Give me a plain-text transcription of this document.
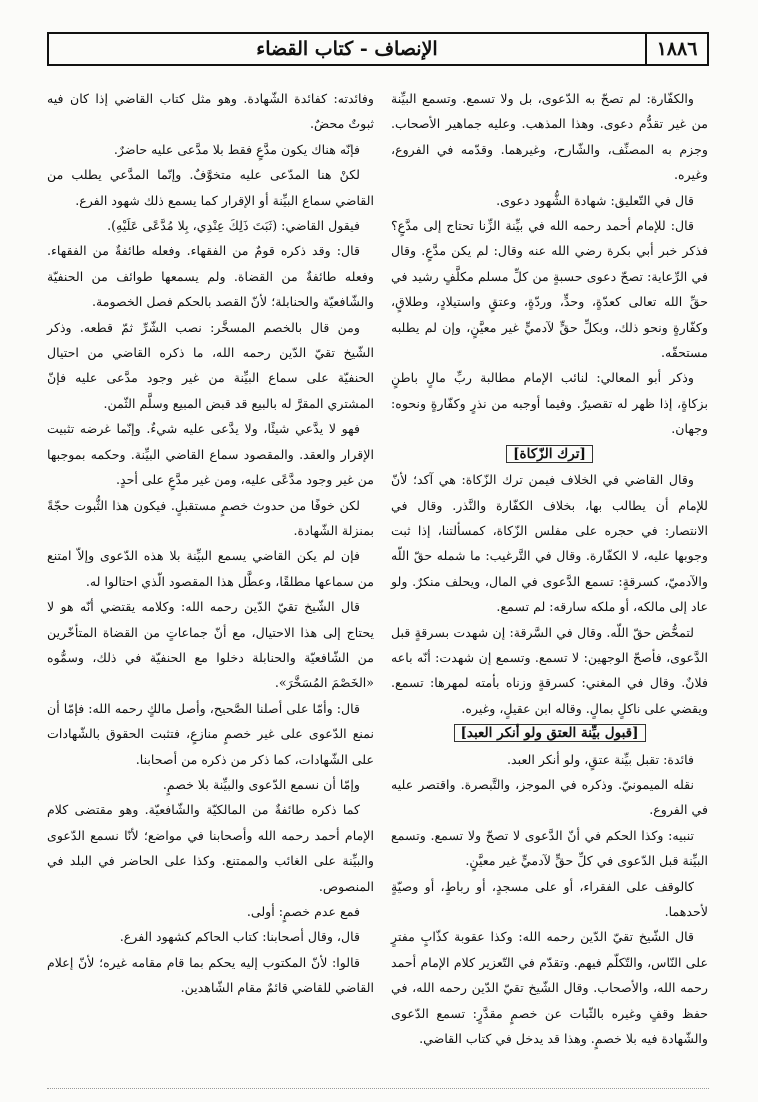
١٨٨٦
الإنصاف - كتاب القضاء

والكفّارة: لم تصحّ به الدّعوى، بل ولا تسمع. وتسمع البيِّنة من غير تقدُّم دعوى. وهذا المذهب. وعليه جماهير الأصحاب. وجزم به المصنِّف، والشّارح، وغيرهما. وقدّمه في الفروع، وغيره.

قال في التّعليق: شهادة الشُّهود دعوى.

قال: للإمام أحمد رحمه الله في بيِّنة الزِّنا تحتاج إلى مدَّعٍ؟ فذكر خبر أبي بكرة رضي الله عنه وقال: لم يكن مدَّعٍ. وقال في الرِّعاية: تصحّ دعوى حسبةٍ من كلِّ مسلم مكلَّفٍ رشيد في حقِّ الله تعالى كعدّةٍ، وحدٍّ، وردّةٍ، وعتقٍ واستيلادٍ، وطلاقٍ، وكفّارةٍ ونحو ذلك، وبكلِّ حقٍّ لآدميٍّ غير معيَّنٍ، وإن لم يطلبه مستحقّه.

وذكر أبو المعالي: لنائب الإمام مطالبة ربِّ مالٍ باطنٍ بزكاةٍ، إذا ظهر له تقصيرٌ. وفيما أوجبه من نذرٍ وكفّارةٍ ونحوه: وجهان.

[ترك الزّكاة]

وقال القاضي في الخلاف فيمن ترك الزّكاة: هي آكد؛ لأنّ للإمام أن يطالب بها، بخلاف الكفّارة والنَّذر. وقال في الانتصار: في حجره على مفلس الزّكاة، كمسألتنا، إذا ثبت وجوبها عليه، لا الكفّارة. وقال في التَّرغيب: ما شمله حقّ اللّه والآدميّ، كسرقةٍ: تسمع الدَّعوى في المال، ويحلف منكرٌ. ولو عاد إلى مالكه، أو ملكه سارقه: لم تسمع.

لتمحُّض حقّ اللّه. وقال في السَّرقة: إن شهدت بسرقةٍ قبل الدَّعوى، فأصحّ الوجهين: لا تسمع. وتسمع إن شهدت: أنّه باعه فلانٌ. وقال في المغني: كسرقةٍ وزناه بأمته لمهرها: تسمع. ويقضي على ناكلٍ بمالٍ. وقاله ابن عقيلٍ، وغيره.

[قبول بيِّنة العتق ولو أنكر العبد]

فائدة: تقبل بيِّنة عتقٍ، ولو أنكر العبد.

نقله الميمونيّ. وذكره في الموجز، والتَّبصرة. واقتصر عليه في الفروع.

تنبيه: وكذا الحكم في أنّ الدَّعوى لا تصحّ ولا تسمع. وتسمع البيِّنة قبل الدّعوى في كلِّ حقٍّ لآدميٍّ غير معيَّنٍ.

كالوقف على الفقراء، أو على مسجدٍ، أو رباطٍ، أو وصيّةٍ لأحدهما.

قال الشّيخ تقيّ الدّين رحمه الله: وكذا عقوبة كذّابٍ مفترٍ على النّاس، والتّكلّم فيهم. وتقدّم في التّعزير كلام الإمام أحمد رحمه الله، والأصحاب. وقال الشّيخ تقيّ الدّين رحمه الله، في حفظ وقفٍ وغيره بالثّبات عن خصمٍ مقدَّرٍ: تسمع الدّعوى والشّهادة فيه بلا خصمٍ. وهذا قد يدخل في كتاب القاضي.

وفائدته: كفائدة الشّهادة. وهو مثل كتاب القاضي إذا كان فيه ثبوتٌ محضٌ.

فإنّه هناك يكون مدَّعٍ فقط بلا مدَّعى عليه حاضرٌ.

لكنْ هنا المدّعى عليه متخوَّفٌ. وإنّما المدَّعي يطلب من القاضي سماع البيِّنة أو الإقرار كما يسمع ذلك شهود الفرع.

فيقول القاضي: (ثَبَتَ ذَلِكَ عِنْدِي، بِلا مُدَّعًى عَلَيْهِ).

قال: وقد ذكره قومٌ من الفقهاء. وفعله طائفةٌ من الفقهاء. وفعله طائفةٌ من القضاة. ولم يسمعها طوائف من الحنفيّة والشّافعيّة والحنابلة؛ لأنّ القصد بالحكم فصل الخصومة.

ومن قال بالخصم المسخَّر: نصب الشّرِّ ثمّ قطعه. وذكر الشّيخ تقيّ الدّين رحمه الله، ما ذكره القاضي من احتيال الحنفيّة على سماع البيِّنة من غير وجود مدَّعى عليه فإنّ المشتري المقرَّ له بالبيع قد قبض المبيع وسلَّم الثّمن.

فهو لا يدَّعي شيئًا، ولا يدَّعى عليه شيءٌ. وإنّما غرضه تثبيت الإقرار والعقد. والمقصود سماع القاضي البيِّنة. وحكمه بموجبها من غير وجود مدَّعًى عليه، ومن غير مدَّعٍ على أحدٍ.

لكن خوفًا من حدوث خصمٍ مستقبلٍ. فيكون هذا الثُّبوت حجّةً بمنزلة الشّهادة.

فإن لم يكن القاضي يسمع البيِّنة بلا هذه الدّعوى وإلاّ امتنع من سماعها مطلقًا، وعطَّل هذا المقصود الّذي احتالوا له.

قال الشّيخ تقيّ الدّين رحمه الله: وكلامه يقتضي أنّه هو لا يحتاج إلى هذا الاحتيال، مع أنّ جماعاتٍ من القضاة المتأخّرين من الشّافعيّة والحنابلة دخلوا مع الحنفيّة في ذلك، وسمُّوه «الخَصْمَ المُسَخَّرَ».

قال: وأمّا على أصلنا الصَّحيح، وأصل مالكٍ رحمه الله: فإمّا أن نمنع الدّعوى على غير خصمٍ منازعٍ، فتثبت الحقوق بالشّهادات على الشّهادات، كما ذكر من ذكره من أصحابنا.

وإمّا أن نسمع الدّعوى والبيِّنة بلا خصمٍ.

كما ذكره طائفةٌ من المالكيّة والشّافعيّة. وهو مقتضى كلام الإمام أحمد رحمه الله وأصحابنا في مواضع؛ لأنّا نسمع الدّعوى والبيِّنة على الغائب والممتنع. وكذا على الحاضر في البلد في المنصوص.

فمع عدم خصمٍ: أولى.

قال، وقال أصحابنا: كتاب الحاكم كشهود الفرع.

قالوا: لأنّ المكتوب إليه يحكم بما قام مقامه غيره؛ لأنّ إعلام القاضي للقاضي قائمٌ مقام الشّاهدين.
